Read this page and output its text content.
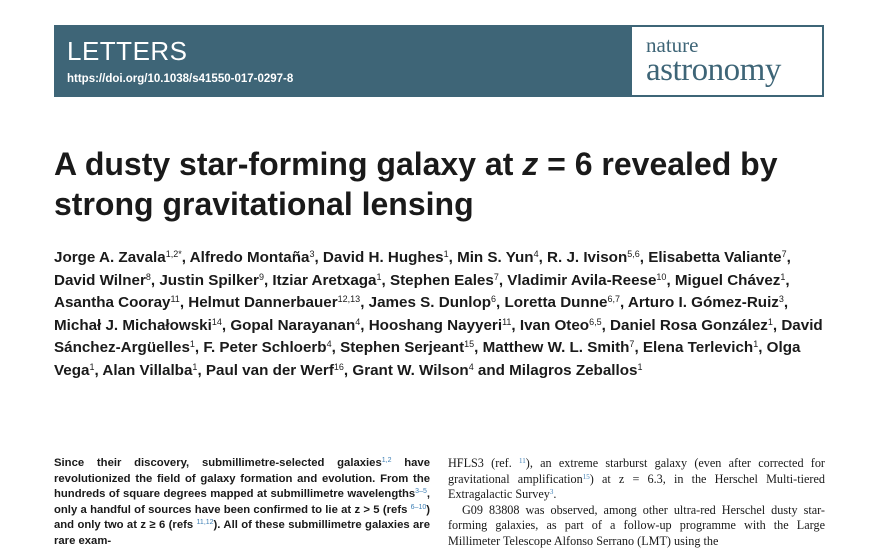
LETTERS
https://doi.org/10.1038/s41550-017-0297-8
nature
astronomy
A dusty star-forming galaxy at z = 6 revealed by strong gravitational lensing
Jorge A. Zavala$^{1,2*}$, Alfredo Montaña$^3$, David H. Hughes$^1$, Min S. Yun$^4$, R. J. Ivison$^{5,6}$, Elisabetta Valiante$^7$, David Wilner$^8$, Justin Spilker$^9$, Itziar Aretxaga$^1$, Stephen Eales$^7$, Vladimir Avila-Reese$^{10}$, Miguel Chávez$^1$, Asantha Cooray$^{11}$, Helmut Dannerbauer$^{12,13}$, James S. Dunlop$^6$, Loretta Dunne$^{6,7}$, Arturo I. Gómez-Ruiz$^3$, Michał J. Michałowski$^{14}$, Gopal Narayanan$^4$, Hooshang Nayyeri$^{11}$, Ivan Oteo$^{6,5}$, Daniel Rosa González$^1$, David Sánchez-Argüelles$^1$, F. Peter Schloerb$^4$, Stephen Serjeant$^{15}$, Matthew W. L. Smith$^7$, Elena Terlevich$^1$, Olga Vega$^1$, Alan Villalba$^1$, Paul van der Werf$^{16}$, Grant W. Wilson$^4$ and Milagros Zeballos$^1$
Since their discovery, submillimetre-selected galaxies$^{1,2}$ have revolutionized the field of galaxy formation and evolution. From the hundreds of square degrees mapped at submillimetre wavelengths$^{3-5}$, only a handful of sources have been confirmed to lie at z > 5 (refs $^{6-10}$) and only two at z ≥ 6 (refs $^{11,12}$). All of these submillimetre galaxies are rare exam-

HFLS3 (ref. $^{11}$), an extreme starburst galaxy (even after corrected for gravitational amplification$^{15}$) at z = 6.3, in the Herschel Multi-tiered Extragalactic Survey$^3$.

G09 83808 was observed, among other ultra-red Herschel dusty star-forming galaxies, as part of a follow-up programme with the Large Millimeter Telescope Alfonso Serrano (LMT) using the
